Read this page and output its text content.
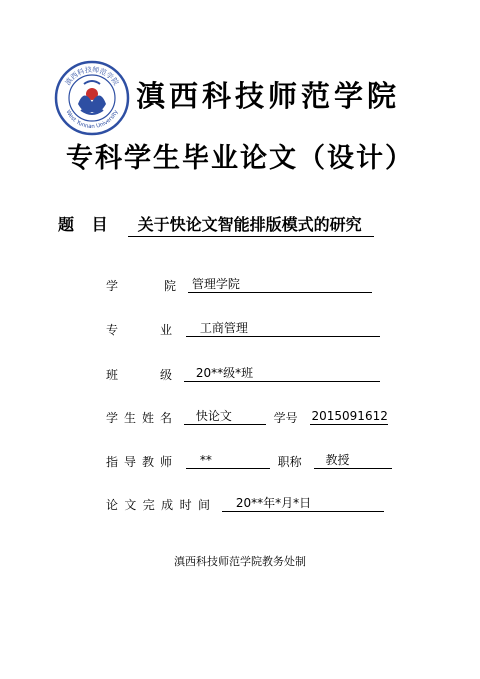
滇西科技师范学院
West Yunnan University 滇西科技师范学院
专科学生毕业论文（设计）
题 目 关于快论文智能排版模式的研究
学	院 管理学院
专	业 工商管理
班	级 20**级*班
学 生 姓 名 快论文	学号 2015091612
指 导 教 师 **	职称 教授
论 文 完 成 时 间 20**年*月*日
滇西科技师范学院教务处制
